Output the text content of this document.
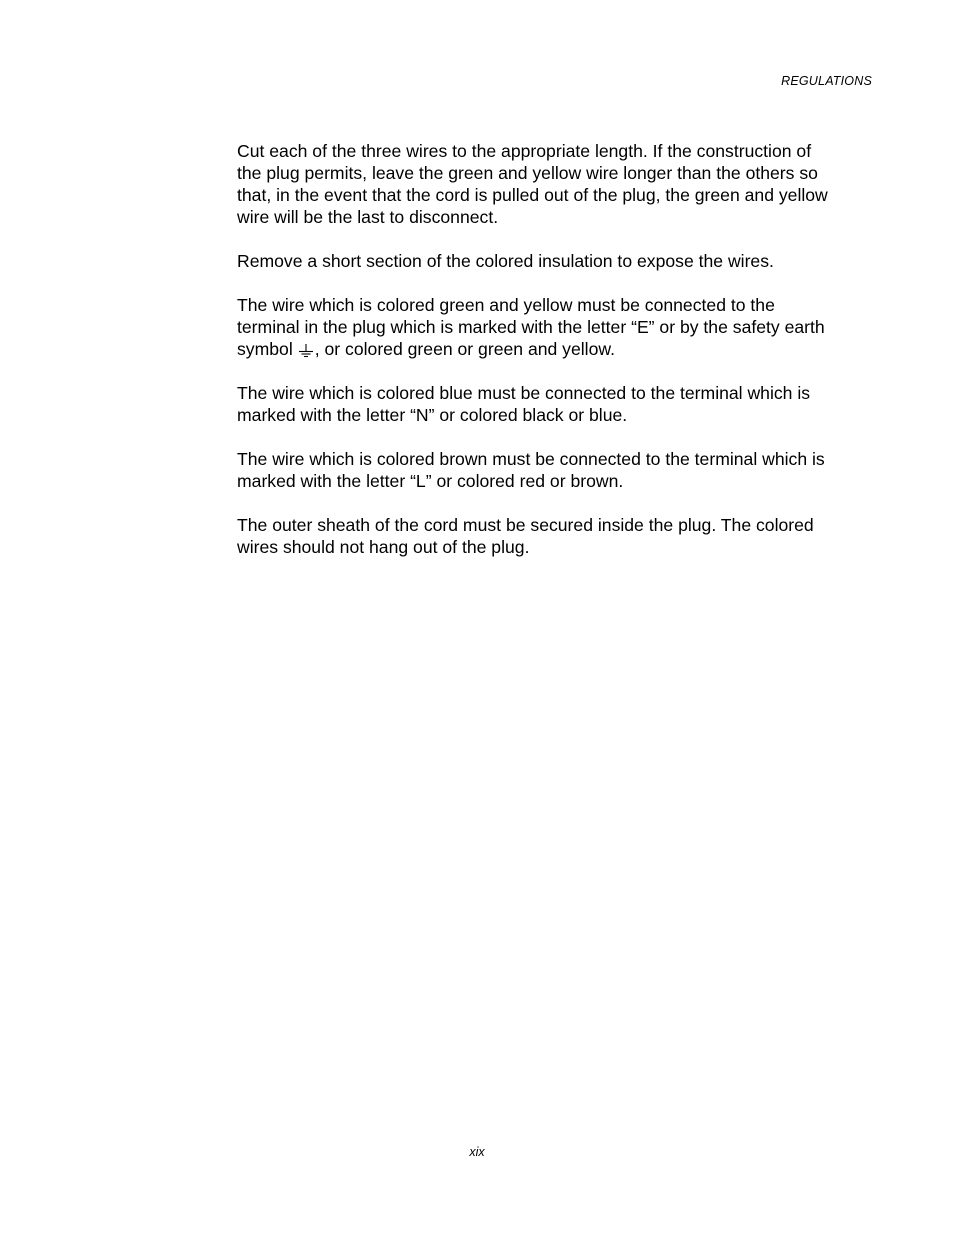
REGULATIONS

Cut each of the three wires to the appropriate length. If the construction of the plug permits, leave the green and yellow wire longer than the others so that, in the event that the cord is pulled out of the plug, the green and yellow wire will be the last to disconnect.

Remove a short section of the colored insulation to expose the wires.

The wire which is colored green and yellow must be connected to the terminal in the plug which is marked with the letter “E” or by the safety earth symbol , or colored green or green and yellow.

The wire which is colored blue must be connected to the terminal which is marked with the letter “N” or colored black or blue.

The wire which is colored brown must be connected to the terminal which is marked with the letter “L” or colored red or brown.

The outer sheath of the cord must be secured inside the plug. The colored wires should not hang out of the plug.

xix
